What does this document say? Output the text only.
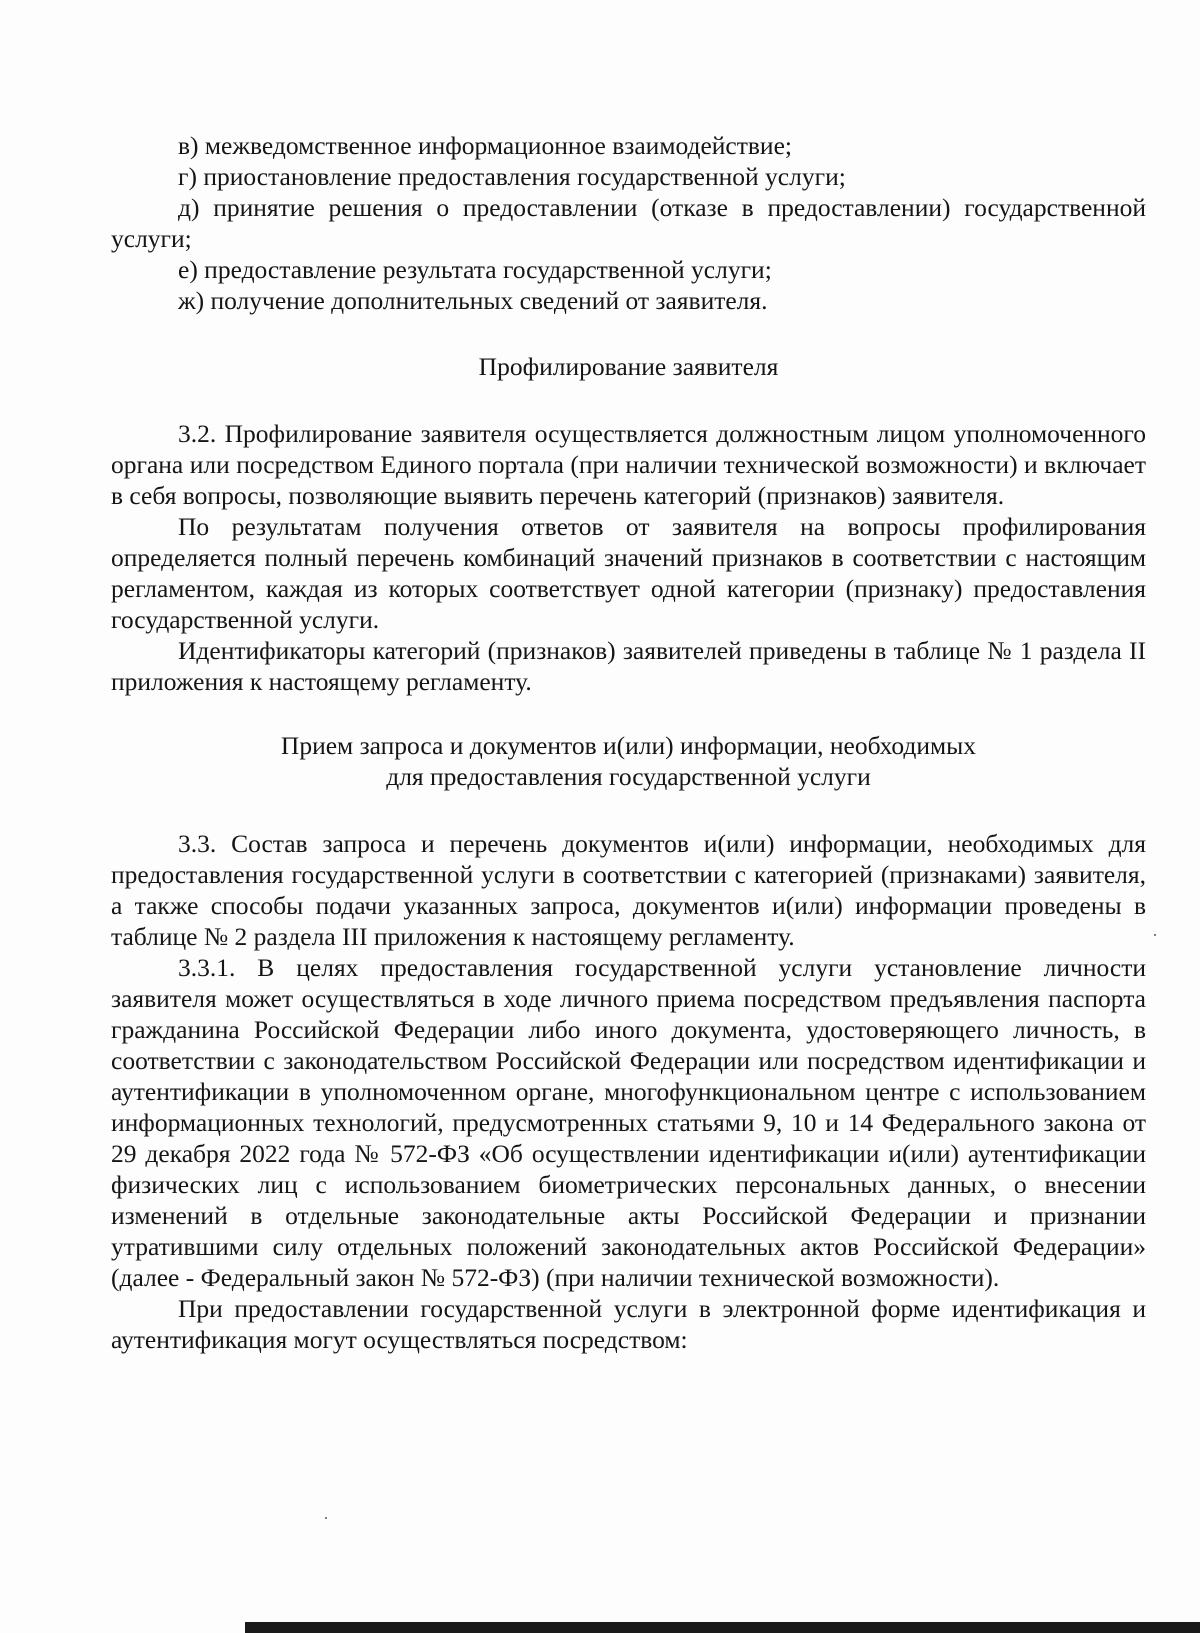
в) межведомственное информационное взаимодействие;

г) приостановление предоставления государственной услуги;

д) принятие решения о предоставлении (отказе в предоставлении) государственной услуги;

е) предоставление результата государственной услуги;

ж) получение дополнительных сведений от заявителя.

Профилирование заявителя

3.2. Профилирование заявителя осуществляется должностным лицом уполномоченного органа или посредством Единого портала (при наличии технической возможности) и включает в себя вопросы, позволяющие выявить перечень категорий (признаков) заявителя.

По результатам получения ответов от заявителя на вопросы профилирования определяется полный перечень комбинаций значений признаков в соответствии с настоящим регламентом, каждая из которых соответствует одной категории (признаку) предоставления государственной услуги.

Идентификаторы категорий (признаков) заявителей приведены в таблице № 1 раздела II приложения к настоящему регламенту.

Прием запроса и документов и(или) информации, необходимых

для предоставления государственной услуги

3.3. Состав запроса и перечень документов и(или) информации, необходимых для предоставления государственной услуги в соответствии с категорией (признаками) заявителя, а также способы подачи указанных запроса, документов и(или) информации проведены в таблице № 2 раздела III приложения к настоящему регламенту.

3.3.1. В целях предоставления государственной услуги установление личности заявителя может осуществляться в ходе личного приема посредством предъявления паспорта гражданина Российской Федерации либо иного документа, удостоверяющего личность, в соответствии с законодательством Российской Федерации или посредством идентификации и аутентификации в уполномоченном органе, многофункциональном центре с использованием информационных технологий, предусмотренных статьями 9, 10 и 14 Федерального закона от 29 декабря 2022 года № 572-ФЗ «Об осуществлении идентификации и(или) аутентификации физических лиц с использованием биометрических персональных данных, о внесении изменений в отдельные законодательные акты Российской Федерации и признании утратившими силу отдельных положений законодательных актов Российской Федерации» (далее - Федеральный закон № 572-ФЗ) (при наличии технической возможности).

При предоставлении государственной услуги в электронной форме идентификация и аутентификация могут осуществляться посредством:
